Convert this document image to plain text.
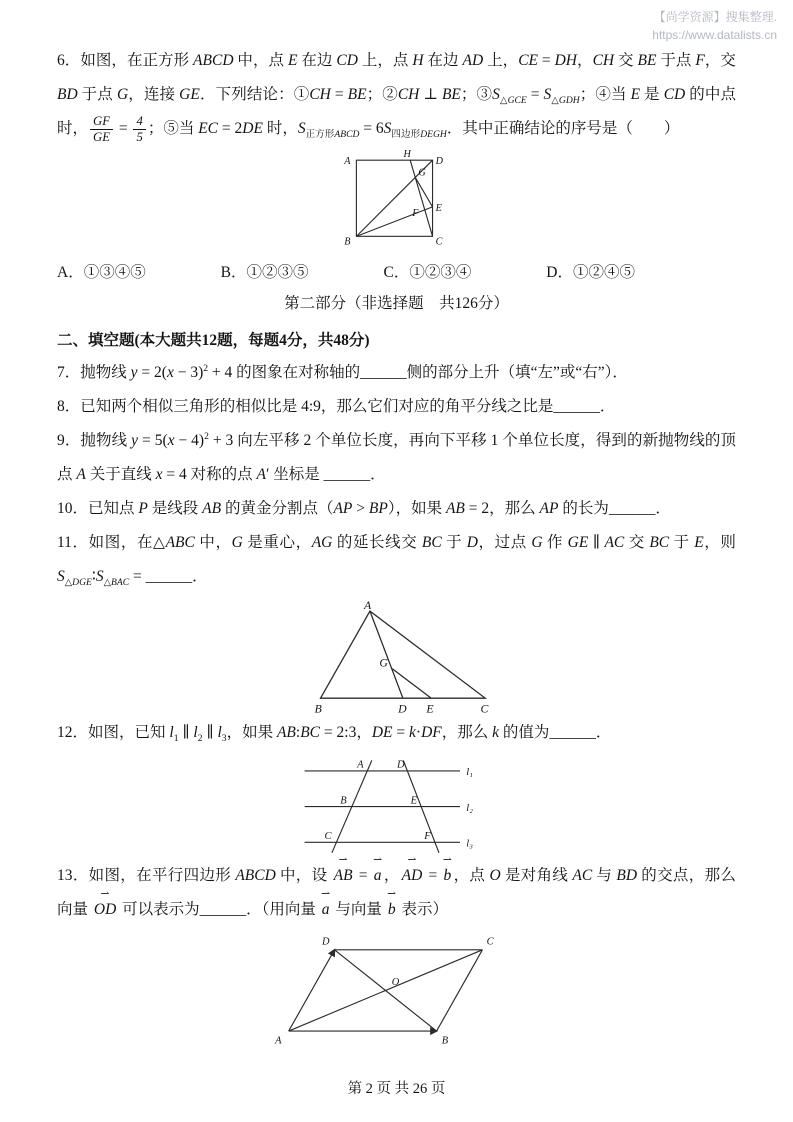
【尚学资源】搜集整理.
https://www.datalists.cn

6．如图，在正方形 ABCD 中，点 E 在边 CD 上，点 H 在边 AD 上，CE = DH，CH 交 BE 于点 F，交 BD 于点 G，连接 GE．下列结论：①CH = BE；②CH ⊥ BE；$③S_{\triangle GCE} = S_{\triangle GDH}$；④当 E 是 CD 的中点时， $\frac{GF}{GE} = \frac{4}{5}$ ；⑤当 EC = 2DE 时，$S_{正方形ABCD} = 6S_{四边形DEGH}$．其中正确结论的序号是（　　）

A
H
D
G
F E
B	C
A．①③④⑤	B．①②③⑤	C．①②③④	D．①②④⑤
第二部分（非选择题　共126分）
二、填空题(本大题共12题，每题4分，共48分)

7．抛物线 $y = 2(x - 3)^2 + 4$ 的图象在对称轴的______侧的部分上升（填“左”或“右”）．

8．已知两个相似三角形的相似比是 4:9，那么它们对应的角平分线之比是______．

9．抛物线 $y = 5(x - 4)^2 + 3$ 向左平移 2 个单位长度，再向下平移 1 个单位长度，得到的新抛物线的顶点 A 关于直线 x = 4 对称的点 A′ 坐标是 ______．

10．已知点 P 是线段 AB 的黄金分割点（AP > BP），如果 AB = 2，那么 AP 的长为______．

11．如图，在△ABC 中，G 是重心，AG 的延长线交 BC 于 D，过点 G 作 GE ∥ AC 交 BC 于 E，则 $S_{\triangle DGE}∶S_{\triangle BAC}$ = ______．

A
G
B	D E	C

12．如图，已知 $l_1$ ∥ $l_2$ ∥ $l_3$，如果 AB:BC = 2:3，DE = k·DF，那么 k 的值为______．

A	D
l₁
B	E
l₂
C	F
l₃

13．如图，在平行四边形 ABCD 中，设 AB ⇀ = a ⇀ ， AD ⇀ = b ⇀ ，点 O 是对角线 AC 与 BD 的交点，那么向量 OD ⇀ 可以表示为______．（用向量 a ⇀ 与向量 b ⇀ 表示）

D	C
O
A	B
第 2 页 共 26 页
